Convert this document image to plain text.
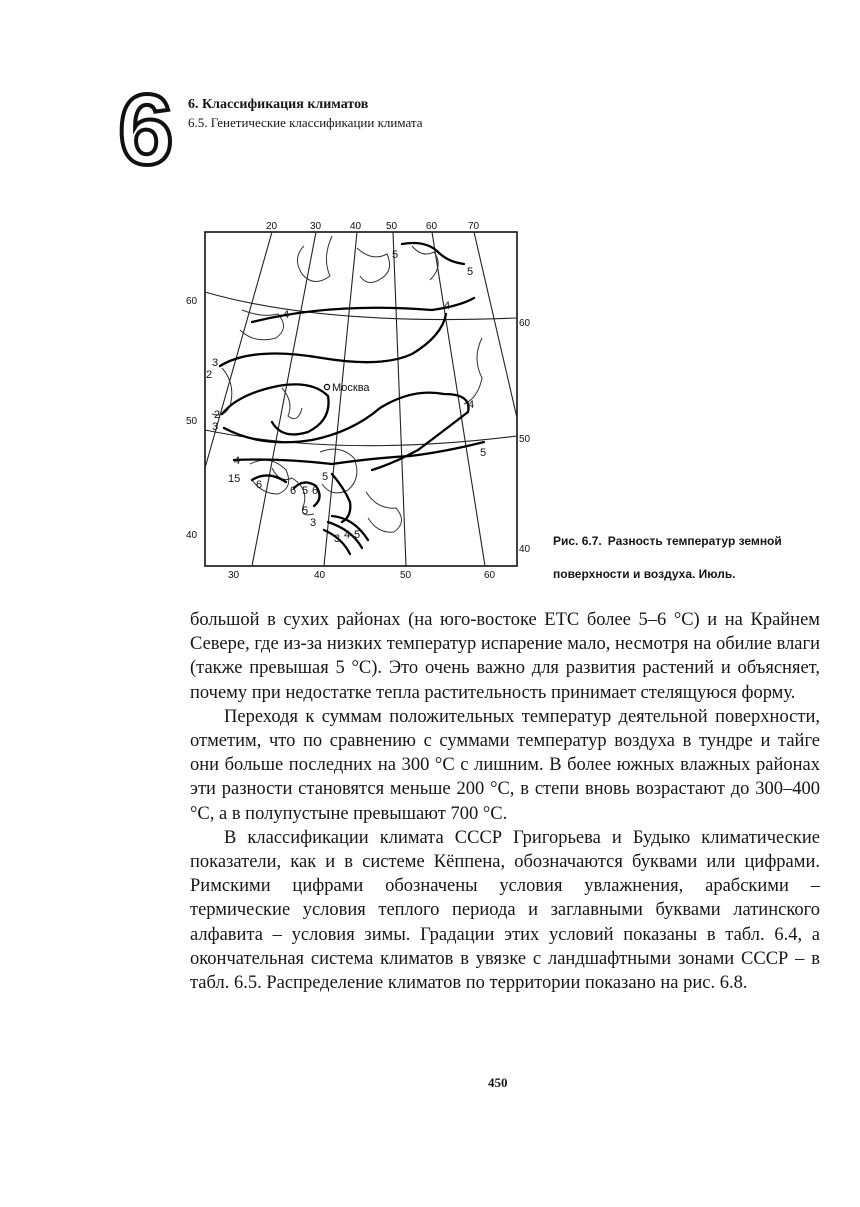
6 6. Классификация климатов
6.5. Генетические классификации климата
Москва
20	30	40 50	60	70
30	40	50	60
60
50
40
60
50
40
5
5
4
4
3
2
2
3
4
4
5
15 6	6 5 6
5
5
3
3 4 5	Рис. 6.7. Разность температур земной поверхности и воздуха. Июль.

большой в сухих районах (на юго-востоке ЕТС более 5–6 °С) и на Крайнем Севере, где из-за низких температур испарение мало, несмотря на обилие влаги (также превышая 5 °С). Это очень важно для развития растений и объясняет, почему при недостатке тепла растительность принимает стелящуюся форму.

Переходя к суммам положительных температур деятельной поверхности, отметим, что по сравнению с суммами температур воздуха в тундре и тайге они больше последних на 300 °С с лишним. В более южных влажных районах эти разности становятся меньше 200 °С, в степи вновь возрастают до 300–400 °С, а в полупустыне превышают 700 °С.

В классификации климата СССР Григорьева и Будыко климатические показатели, как и в системе Кёппена, обозначаются буквами или цифрами. Римскими цифрами обозначены условия увлажнения, арабскими – термические условия теплого периода и заглавными буквами латинского алфавита – условия зимы. Градации этих условий показаны в табл. 6.4, а окончательная система климатов в увязке с ландшафтными зонами СССР – в табл. 6.5. Распределение климатов по территории показано на рис. 6.8.

450
